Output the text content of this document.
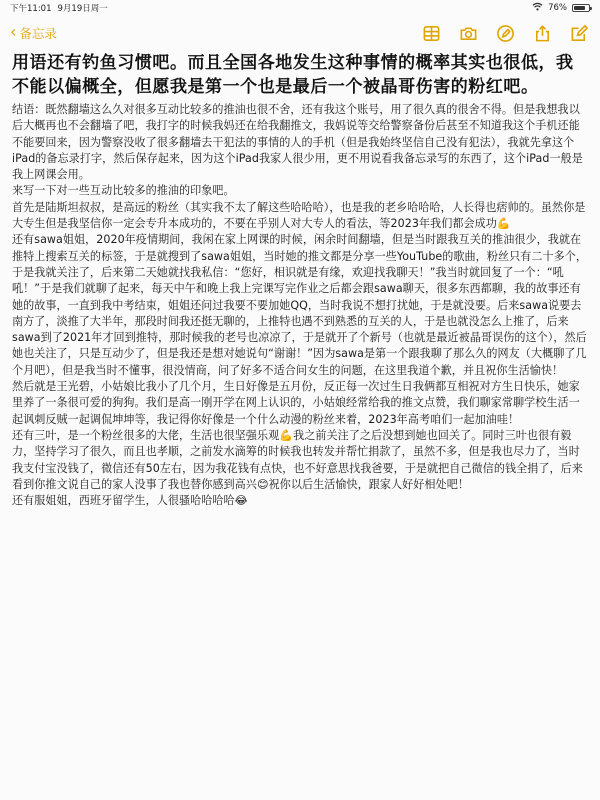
下午11:01 9月19日周一	76%
‹ 备忘录
用语还有钓鱼习惯吧。而且全国各地发生这种事情的概率其实也很低，我不能以偏概全，但愿我是第一个也是最后一个被晶哥伤害的粉红吧。

结语：既然翻墙这么久对很多互动比较多的推油也很不舍，还有我这个账号，用了很久真的很舍不得。但是我想我以后大概再也不会翻墙了吧，我打字的时候我妈还在给我翻推文，我妈说等交给警察备份后甚至不知道我这个手机还能不能要回来，因为警察没收了很多翻墙去干犯法的事情的人的手机（但是我始终坚信自己没有犯法），我就先拿这个iPad的备忘录打字，然后保存起来，因为这个iPad我家人很少用，更不用说看我备忘录写的东西了，这个iPad一般是我上网课会用。

来写一下对一些互动比较多的推油的印象吧。

首先是陆斯坦叔叔，是高远的粉丝（其实我不太了解这些哈哈哈），也是我的老乡哈哈哈，人长得也痞帅的。虽然你是大专生但是我坚信你一定会专升本成功的，不要在乎别人对大专人的看法，等2023年我们都会成功💪

还有sawa姐姐，2020年疫情期间，我闲在家上网课的时候，闲余时间翻墙，但是当时跟我互关的推油很少，我就在推特上搜索互关的标签，于是就搜到了sawa姐姐，当时她的推文都是分享一些YouTube的歌曲，粉丝只有二十多个，于是我就关注了，后来第二天她就找我私信：“您好，相识就是有缘，欢迎找我聊天！”我当时就回复了一个：“吼吼！”于是我们就聊了起来，每天中午和晚上我上完课写完作业之后都会跟sawa聊天，很多东西都聊，我的故事还有她的故事，一直到我中考结束，姐姐还问过我要不要加她QQ，当时我说不想打扰她，于是就没要。后来sawa说要去南方了，淡推了大半年，那段时间我还挺无聊的，上推特也遇不到熟悉的互关的人，于是也就没怎么上推了，后来sawa到了2021年才回到推特，那时候我的老号也凉凉了，于是就开了个新号（也就是最近被晶哥误伤的这个），然后她也关注了，只是互动少了，但是我还是想对她说句“谢谢！”因为sawa是第一个跟我聊了那么久的网友（大概聊了几个月吧），但是我当时不懂事，很没情商，问了好多不适合问女生的问题，在这里我道个歉，并且祝你生活愉快！

然后就是王光碧，小姑娘比我小了几个月，生日好像是五月份，反正每一次过生日我俩都互相祝对方生日快乐，她家里养了一条很可爱的狗狗。我们是高一刚开学在网上认识的，小姑娘经常给我的推文点赞，我们聊家常聊学校生活一起讽刺反贼一起调侃坤坤等，我记得你好像是一个什么动漫的粉丝来着，2023年高考咱们一起加油哇！

还有三叶，是一个粉丝很多的大佬，生活也很坚强乐观💪我之前关注了之后没想到她也回关了。同时三叶也很有毅力，坚持学习了很久，而且也孝顺，之前发水滴筹的时候我也转发并帮忙捐款了，虽然不多，但是我也尽力了，当时我支付宝没钱了，微信还有50左右，因为我花钱有点快，也不好意思找我爸要，于是就把自己微信的钱全捐了，后来看到你推文说自己的家人没事了我也替你感到高兴😊祝你以后生活愉快，跟家人好好相处吧！

还有服姐姐，西班牙留学生，人很骚哈哈哈哈😂
